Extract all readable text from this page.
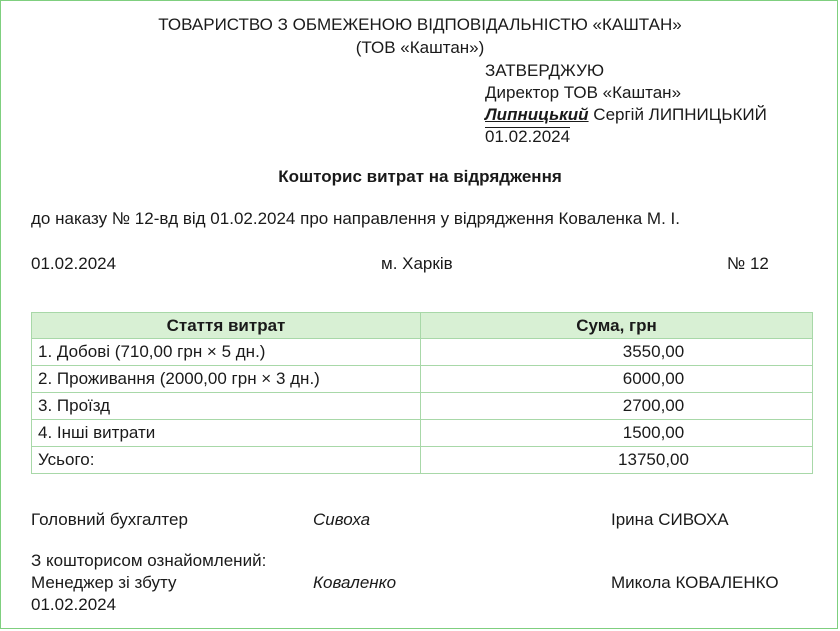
ТОВАРИСТВО З ОБМЕЖЕНОЮ ВІДПОВІДАЛЬНІСТЮ «КАШТАН»
(ТОВ «Каштан»)
ЗАТВЕРДЖУЮ
Директор ТОВ «Каштан»
Липницький Сергій ЛИПНИЦЬКИЙ
01.02.2024
Кошторис витрат на відрядження
до наказу № 12-вд від 01.02.2024 про направлення у відрядження Коваленка М. І.
01.02.2024	м. Харків	№ 12
Стаття витрат	Сума, грн
1. Добові (710,00 грн × 5 дн.)	3550,00
2. Проживання (2000,00 грн × 3 дн.)	6000,00
3. Проїзд	2700,00
4. Інші витрати	1500,00
Усього:	13750,00
Головний бухгалтер	Сивоха	Ірина СИВОХА
З кошторисом ознайомлений:
Менеджер зі збуту	Коваленко	Микола КОВАЛЕНКО
01.02.2024
